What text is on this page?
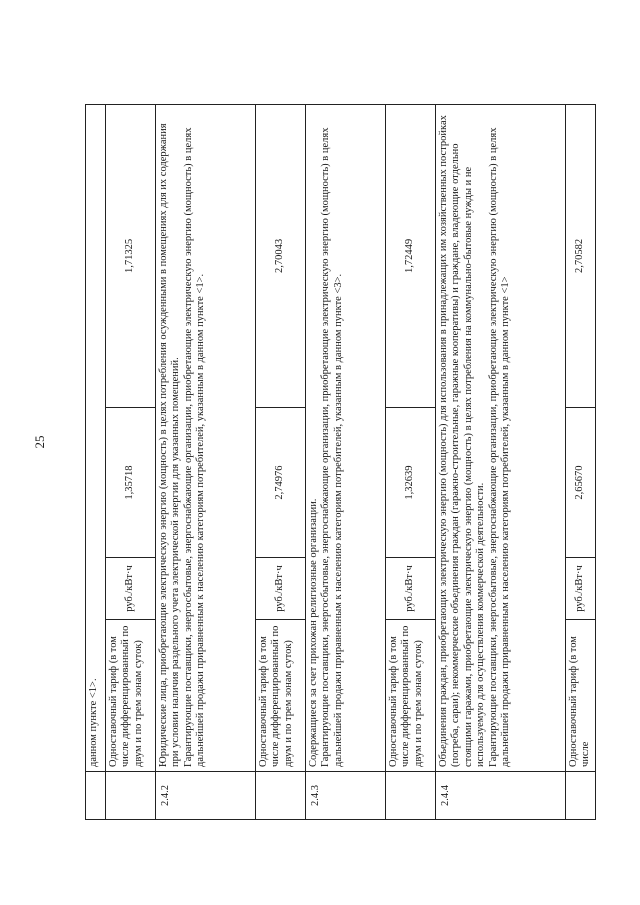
25
	данном пункте <1>.			
	Одноставочный тариф (в том числе дифференцированный по двум и по трем зонам суток)	руб./кВт·ч	1,35718	1,71325
2.4.2	Юридические лица, приобретающие электрическую энергию (мощность) в целях потребления осужденными в помещениях для их содержания при условии наличия раздельного учета электрической энергии для указанных помещений. Гарантирующие поставщики, энергосбытовые, энергоснабжающие организации, приобретающие электрическую энергию (мощность) в целях дальнейшей продажи приравненным к населению категориям потребителей, указанным в данном пункте <1>.			

	Одноставочный тариф (в том числе дифференцированный по двум и по трем зонам суток)	руб./кВт·ч	2,74976	2,70043
2.4.3	Содержащиеся за счет прихожан религиозные организации. Гарантирующие поставщики, энергосбытовые, энергоснабжающие организации, приобретающие электрическую энергию (мощность) в целях дальнейшей продажи приравненным к населению категориям потребителей, указанным в данном пункте <3>.			

	Одноставочный тариф (в том числе дифференцированный по двум и по трем зонам суток)	руб./кВт·ч	1,32639	1,72449
2.4.4	Объединения граждан, приобретающих электрическую энергию (мощность) для использования в принадлежащих им хозяйственных постройках (погреба, сараи); некоммерческие объединения граждан (гаражно-строительные, гаражные кооперативы) и граждане, владеющие отдельно стоящими гаражами, приобретающие электрическую энергию (мощность) в целях потребления на коммунально-бытовые нужды и не используемую для осуществления коммерческой деятельности. Гарантирующие поставщики, энергосбытовые, энергоснабжающие организации, приобретающие электрическую энергию (мощность) в целях дальнейшей продажи приравненным к населению категориям потребителей, указанным в данном пункте <1>			

	Одноставочный тариф (в том числе	руб./кВт·ч	2,65670	2,70582
